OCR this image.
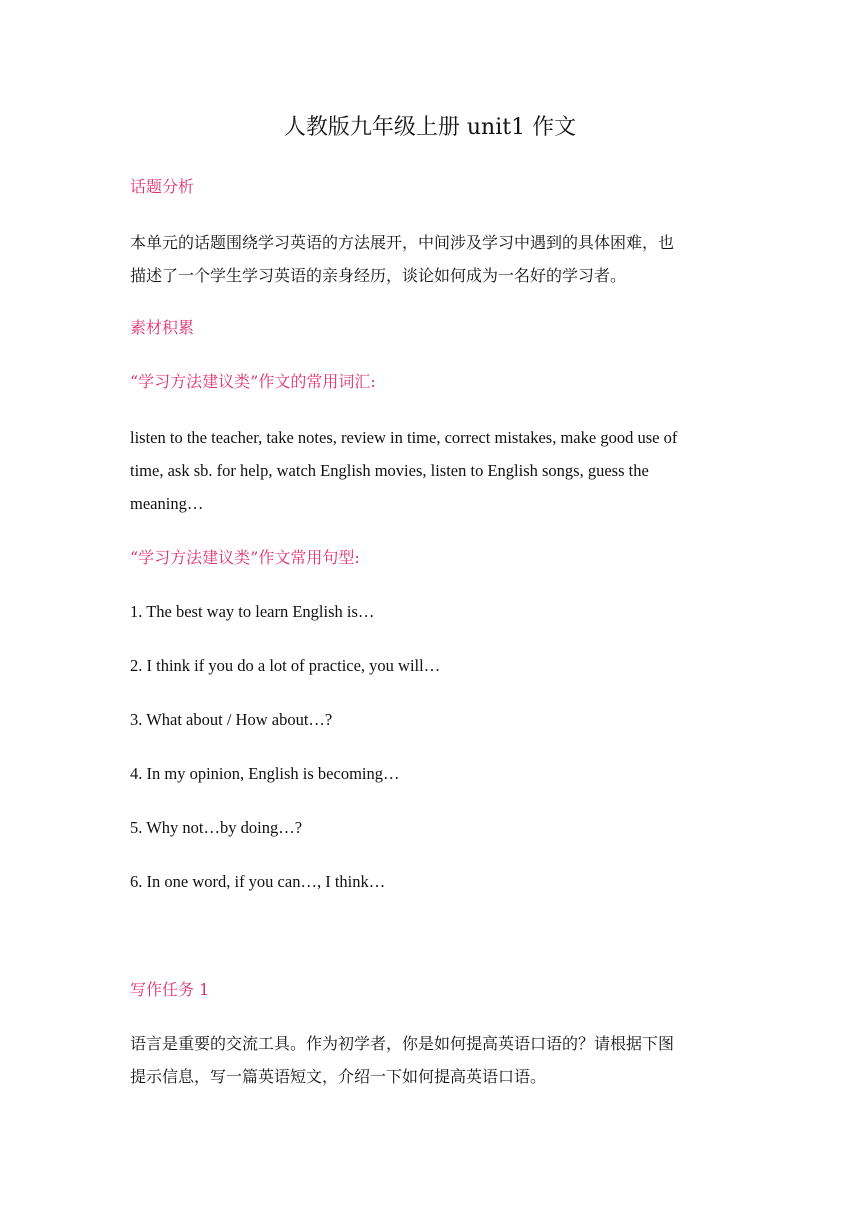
人教版九年级上册 unit1 作文
话题分析
本单元的话题围绕学习英语的方法展开，中间涉及学习中遇到的具体困难，也
描述了一个学生学习英语的亲身经历，谈论如何成为一名好的学习者。
素材积累
“学习方法建议类”作文的常用词汇:
listen to the teacher, take notes, review in time, correct mistakes, make good use of
time, ask sb. for help, watch English movies, listen to English songs, guess the
meaning…
“学习方法建议类”作文常用句型:
1. The best way to learn English is…
2. I think if you do a lot of practice, you will…
3. What about / How about…?
4. In my opinion, English is becoming…
5. Why not…by doing…?
6. In one word, if you can…, I think…
写作任务 1
语言是重要的交流工具。作为初学者，你是如何提高英语口语的？请根据下图
提示信息，写一篇英语短文，介绍一下如何提高英语口语。
